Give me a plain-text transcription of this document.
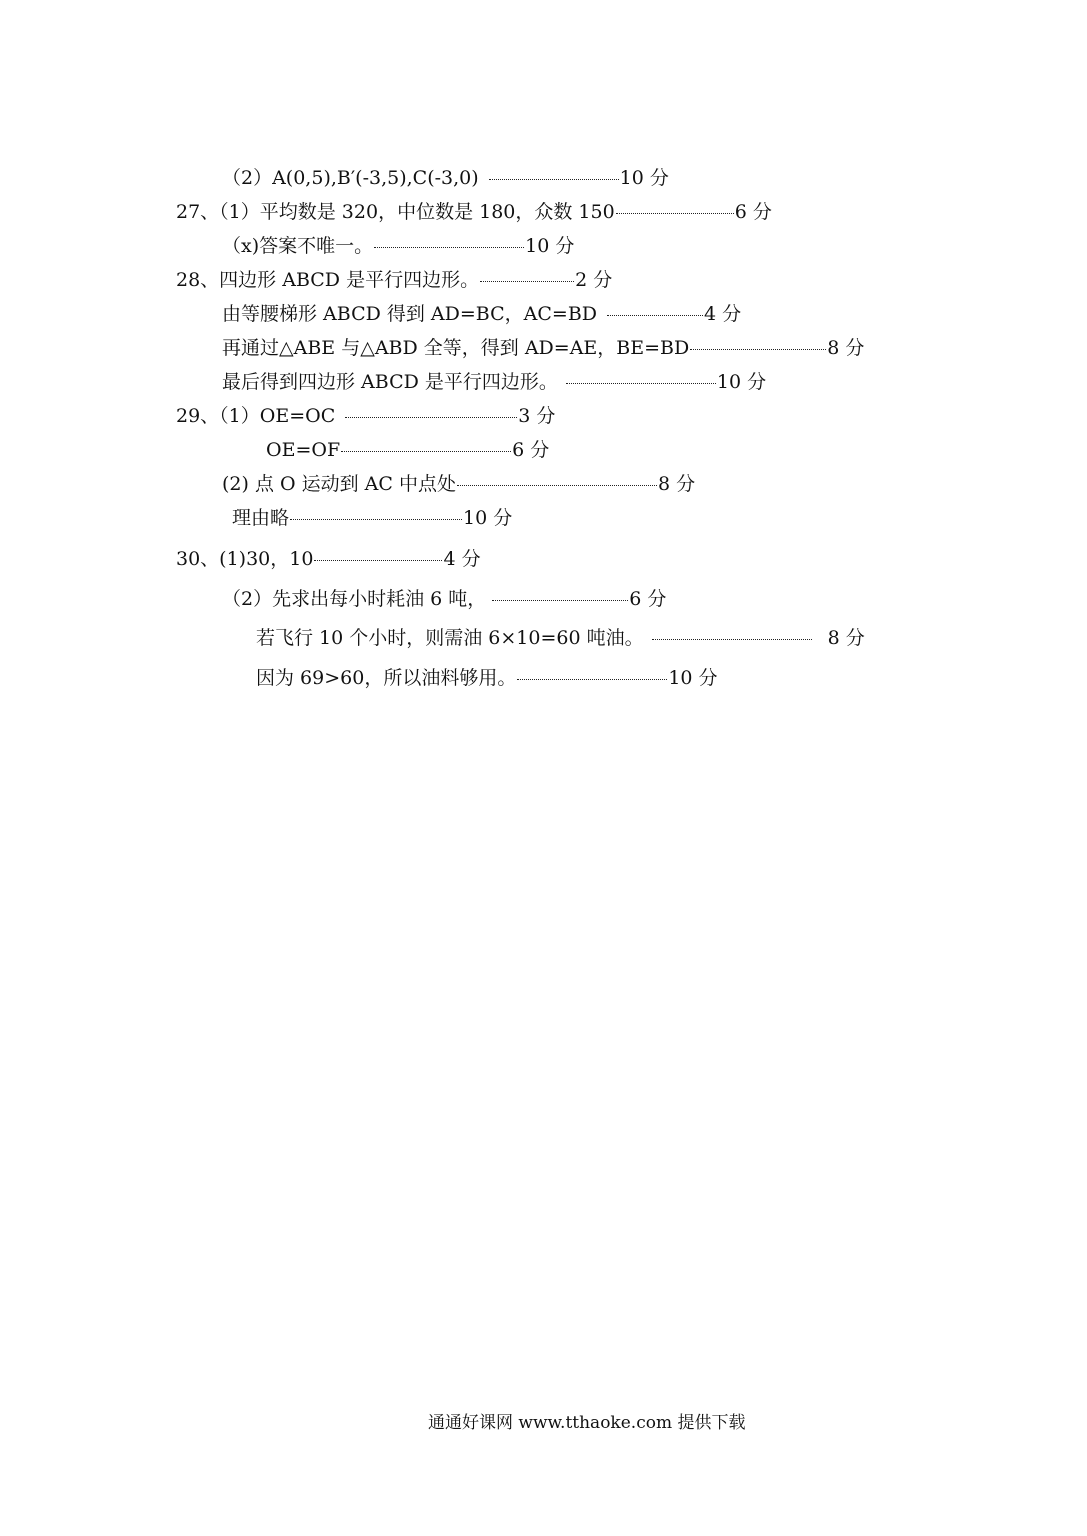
（2）A(0,5),B′(-3,5),C(-3,0)	10 分
27、（1）平均数是 320，中位数是 180，众数 150	6 分
（x)答案不唯一。	10 分
28、四边形 ABCD 是平行四边形。	2 分
由等腰梯形 ABCD 得到 AD=BC，AC=BD	4 分
再通过△ABE 与△ABD 全等，得到 AD=AE，BE=BD	8 分
最后得到四边形 ABCD 是平行四边形。	10 分
29、（1）OE=OC	3 分
OE=OF	6 分
(2) 点 O 运动到 AC 中点处	8 分
理由略	10 分
30、(1)30，10	4 分
（2）先求出每小时耗油 6 吨，	6 分
若飞行 10 个小时，则需油 6×10=60 吨油。	8 分
因为 69>60，所以油料够用。	10 分
通通好课网 www.tthaoke.com 提供下载
